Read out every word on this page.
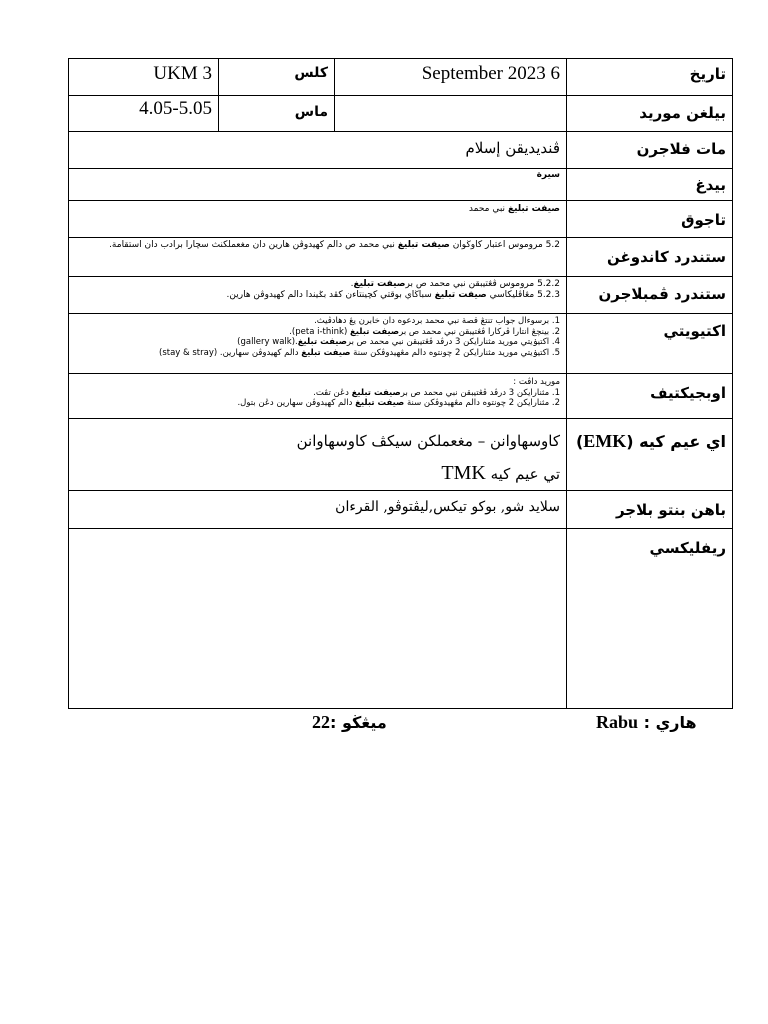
UKM 3	كلس	September 2023 6	تاريخ
4.05-5.05	ماس		بيلغن موريد
ڤنديديقن إسلام			مات فلاجرن
سيرة			بيدغ
صيفت تبليغ نبي محمد			تاجوق
5.2 مروموس اعتبار كاوڬوان صيفت تبليغ نبي محمد ص دالم كهيدوڤن هارين دان مغعملكنث سچارا برادب دان استقامة.			ستندرد كاندوغن

5.2.2 مروموس ڤڠتيبقن نبي محمد ص برصيفت تبليغ.
5.2.3 مڠاڤليكاسي صيفت تبليغ سباڬاي بوقتي كچينتاءن كڤد بݢيندا دالم كهيدوڤن هارين.			ستندرد ڤمبلاجرن

1. برسوءال جواب تنتڠ قصة نبي محمد بردعوه دان خابرن يڠ دهادڤيث.
2. بينچڠ انتارا ڤركارا ڤڠتيبقن نبي محمد ص برصيفت تبليغ (peta i-think).
4. اكتيۏيتي موريد مثنارايكن 3 درڤد ڤڠتيبقن نبي محمد ص برصيفت تبليغ.(gallery walk)
5. اكتيۏيتي موريد مثنارايكن 2 چونتوه دالم مڠهيدوڤكن سنة صيفت تبليغ دالم كهيدوڤن سهارين. (stay & stray)			اكتيويتي

موريد داڤت :
1. مثنارايكن 3 درڤد ڤڠتيبقن نبي محمد ص برصيفت تبليغ دڠن تڤت.
2. مثنارايكن 2 چونتوه دالم مڠهيدوڤكن سنة صيفت تبليغ دالم كهيدوڤن سهارين دڠن بتول.			اوبجيكتيف

كاوسهاوانن – مغعملكن سيكڤ كاوسهاوانن
تي عيم كيه TMK			اي عيم كيه (EMK)
سلايد شو, بوكو تيكس,ليڤتوڤو, القرءان			باهن بنتو بلاجر
			ريفليكسي
22ميڠڬو :	Rabu هاري :
